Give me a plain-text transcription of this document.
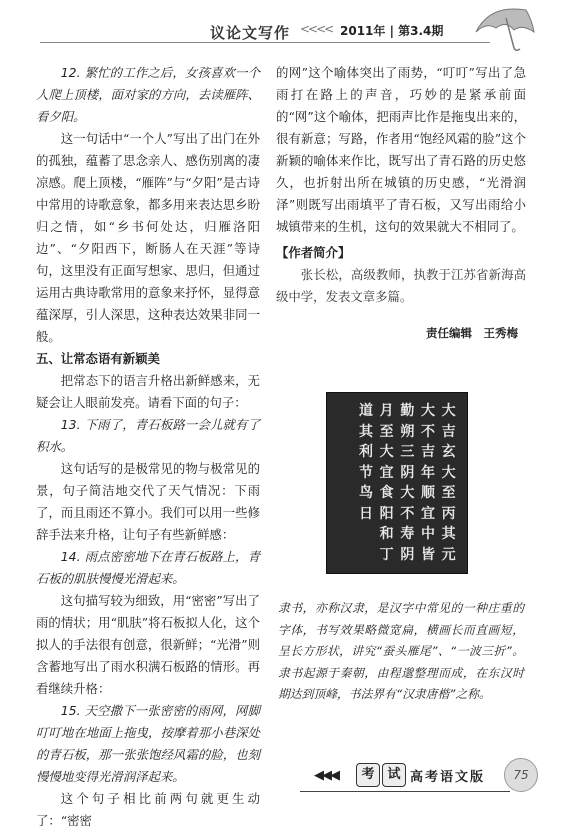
议论文写作 <<<< 2011年 | 第3.4期

12. 繁忙的工作之后，女孩喜欢一个人爬上顶楼，面对家的方向，去读雁阵、看夕阳。

这一句话中“一个人”写出了出门在外的孤独，蕴蓄了思念亲人、感伤别离的凄凉感。爬上顶楼，“雁阵”与“夕阳”是古诗中常用的诗歌意象，都多用来表达思乡盼归之情，如“乡书何处达，归雁洛阳边”、“夕阳西下，断肠人在天涯”等诗句，这里没有正面写想家、思归，但通过运用古典诗歌常用的意象来抒怀，显得意蕴深厚，引人深思，这种表达效果非同一般。

五、让常态语有新颖美

把常态下的语言升格出新鲜感来，无疑会让人眼前发亮。请看下面的句子：

13. 下雨了，青石板路一会儿就有了积水。

这句话写的是极常见的物与极常见的景，句子简洁地交代了天气情况：下雨了，而且雨还不算小。我们可以用一些修辞手法来升格，让句子有些新鲜感：

14. 雨点密密地下在青石板路上，青石板的肌肤慢慢光滑起来。

这句描写较为细致，用“密密”写出了雨的情状；用“肌肤”将石板拟人化，这个拟人的手法很有创意，很新鲜；“光滑”则含蓄地写出了雨水积满石板路的情形。再看继续升格：

15. 天空撒下一张密密的雨网，网脚叮叮地在地面上拖曳，按摩着那小巷深处的青石板，那一张张饱经风霜的脸，也刻慢慢地变得光滑润泽起来。

这个句子相比前两句就更生动了：“密密

的网”这个喻体突出了雨势，“叮叮”写出了急雨打在路上的声音，巧妙的是紧承前面的“网”这个喻体，把雨声比作是拖曳出来的，很有新意；写路，作者用“饱经风霜的脸”这个新颖的喻体来作比，既写出了青石路的历史悠久，也折射出所在城镇的历史感，“光滑润泽”则既写出雨填平了青石板，又写出雨给小城镇带来的生机，这句的效果就大不相同了。

【作者简介】

张长松，高级教师，执教于江苏省新海高级中学，发表文章多篇。

责任编辑　王秀梅

大
吉
玄
大
至
丙
其
元
大
不
吉
年
顺
宜
中
皆
勤
朔
三
阴
大
不
寿
阴
月
至
大
宜
食
阳
和
丁
道
其
利
节
鸟
日
隶书，亦称汉隶，是汉字中常见的一种庄重的字体，书写效果略微宽扁，横画长而直画短，呈长方形状，讲究“蚕头雁尾”、“一波三折”。隶书起源于秦朝，由程邈整理而成，在东汉时期达到顶峰，书法界有“汉隶唐楷”之称。
◀◀◀	考 试 高考语文版	75
